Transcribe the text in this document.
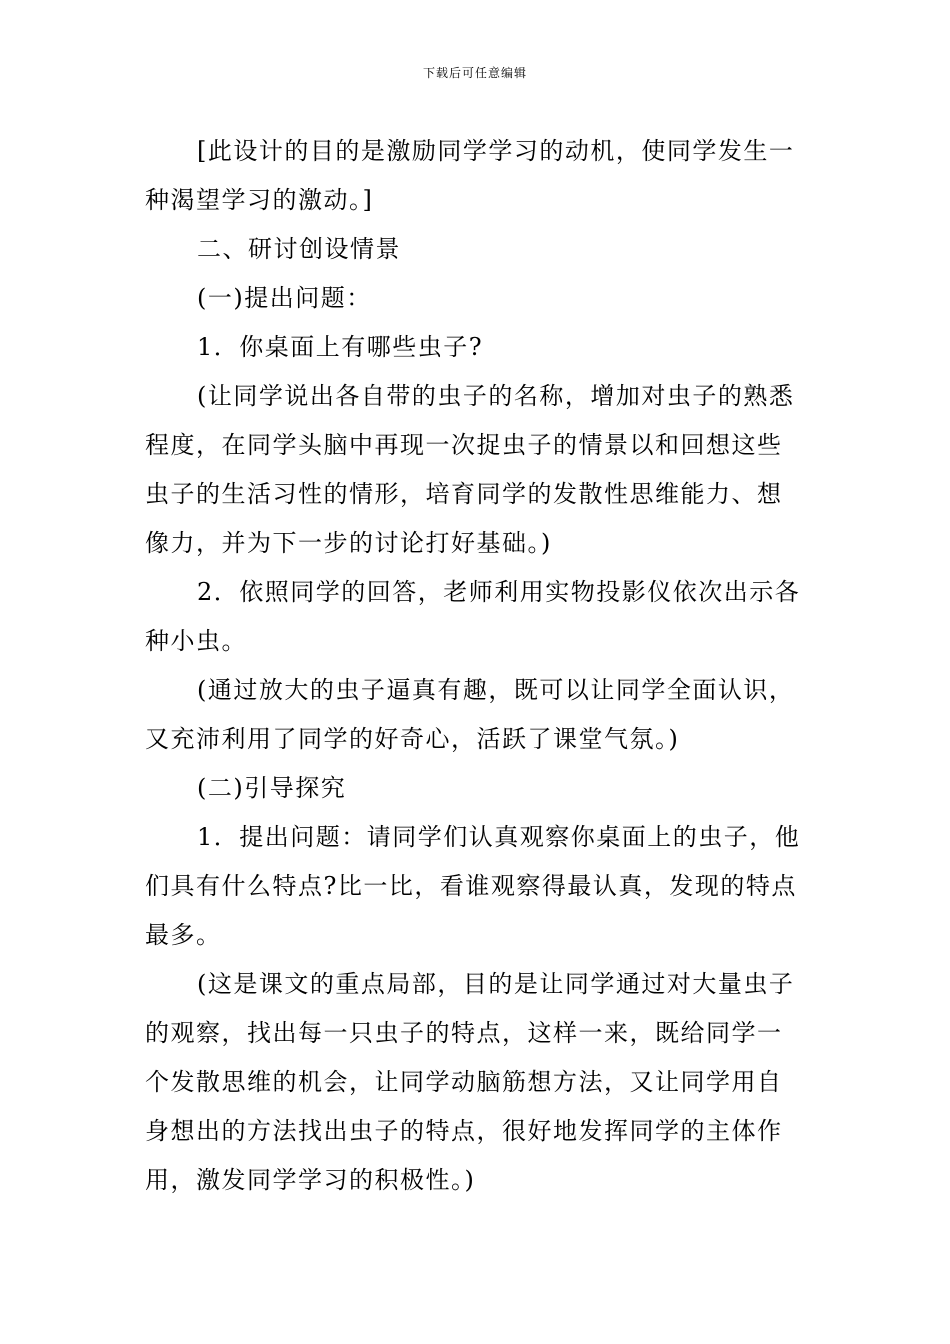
下载后可任意编辑
[此设计的目的是激励同学学习的动机，使同学发生一
种渴望学习的激动。]
二、研讨创设情景
(一)提出问题：
1．你桌面上有哪些虫子?
(让同学说出各自带的虫子的名称，增加对虫子的熟悉
程度，在同学头脑中再现一次捉虫子的情景以和回想这些
虫子的生活习性的情形，培育同学的发散性思维能力、想
像力，并为下一步的讨论打好基础。)
2．依照同学的回答，老师利用实物投影仪依次出示各
种小虫。
(通过放大的虫子逼真有趣，既可以让同学全面认识，
又充沛利用了同学的好奇心，活跃了课堂气氛。)
(二)引导探究
1．提出问题：请同学们认真观察你桌面上的虫子，他
们具有什么特点?比一比，看谁观察得最认真，发现的特点
最多。
(这是课文的重点局部，目的是让同学通过对大量虫子
的观察，找出每一只虫子的特点，这样一来，既给同学一
个发散思维的机会，让同学动脑筋想方法，又让同学用自
身想出的方法找出虫子的特点，很好地发挥同学的主体作
用，激发同学学习的积极性。)
